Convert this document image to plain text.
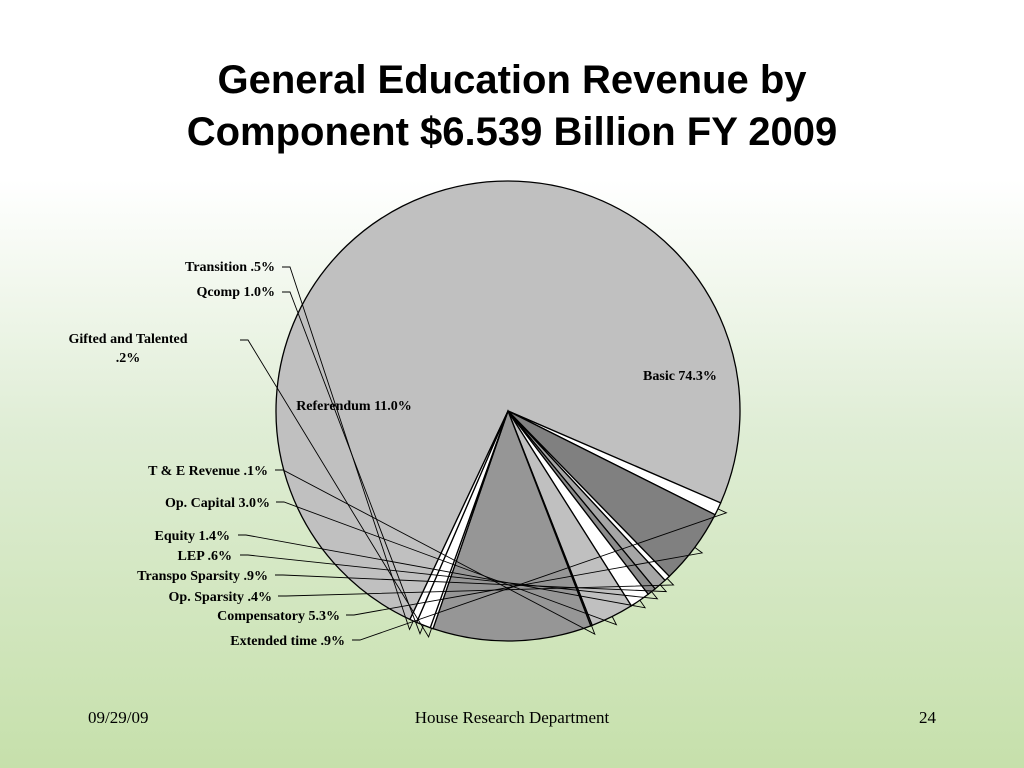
General Education Revenue by
Component $6.539 Billion FY 2009
Basic 74.3%
Extended time .9%
Compensatory 5.3%
Op. Sparsity .4%
Transpo Sparsity .9%
LEP .6%
Equity 1.4%
Op. Capital 3.0%
T & E Revenue .1%
Referendum 11.0%
Gifted and Talented .2%
Qcomp 1.0%
Transition .5%
09/29/09	House Research Department	24
